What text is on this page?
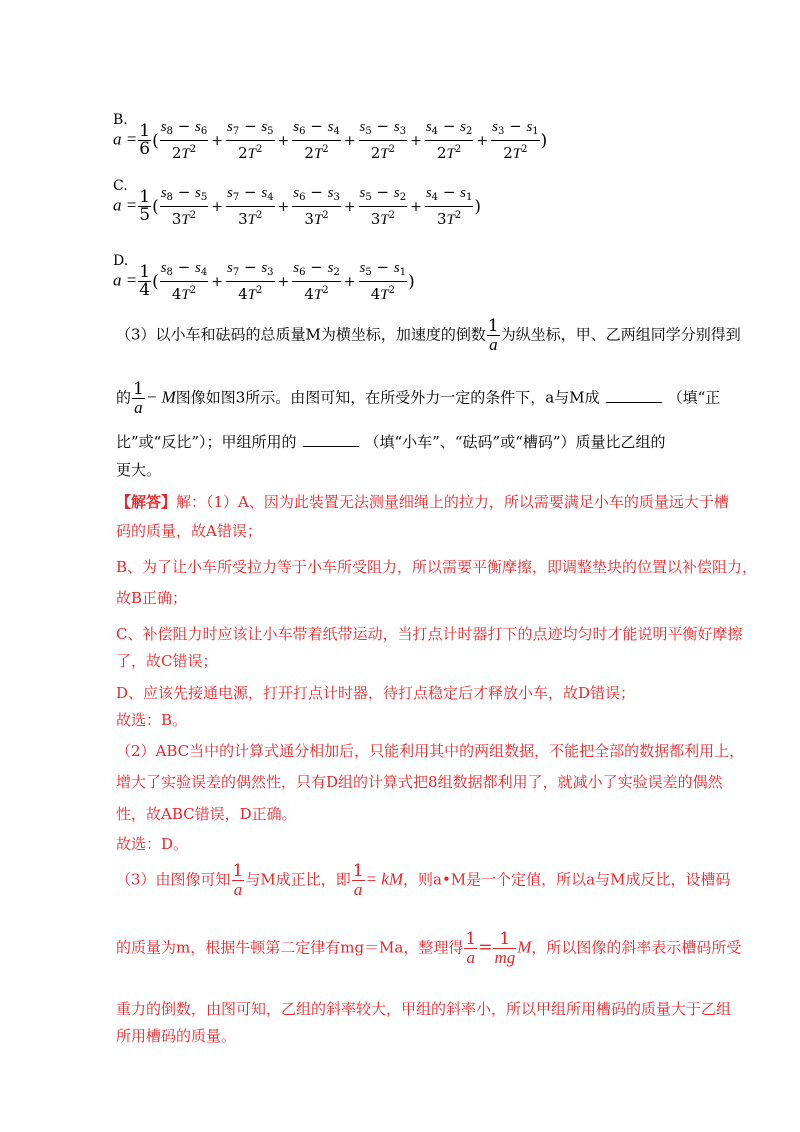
B.
$a = \frac{1}{6}$ ( $\frac{s_8 - s_6}{2T^2} + \frac{s_7 - s_5}{2T^2} + \frac{s_6 - s_4}{2T^2} + \frac{s_5 - s_3}{2T^2} + \frac{s_4 - s_2}{2T^2} + \frac{s_3 - s_1}{2T^2}$ )
C.
$a = \frac{1}{5}$ ( $\frac{s_8 - s_5}{3T^2} + \frac{s_7 - s_4}{3T^2} + \frac{s_6 - s_3}{3T^2} + \frac{s_5 - s_2}{3T^2} + \frac{s_4 - s_1}{3T^2}$ )
D.
$a = \frac{1}{4}$ ( $\frac{s_8 - s_4}{4T^2} + \frac{s_7 - s_3}{4T^2} + \frac{s_6 - s_2}{4T^2} + \frac{s_5 - s_1}{4T^2}$ )
（3）以小车和砝码的总质量M为横坐标，加速度的倒数 $\frac{1}{a}$ 为纵坐标，甲、乙两组同学分别得到
的 $\frac{1}{a} - M$图像如图3所示。由图可知，在所受外力一定的条件下，a与M成	（填“正
比”或“反比”）；甲组所用的	（填“小车”、“砝码”或“槽码”）质量比乙组的
更大。
【解答】解：（1）A、因为此装置无法测量细绳上的拉力，所以需要满足小车的质量远大于槽
码的质量，故A错误；
B、为了让小车所受拉力等于小车所受阻力，所以需要平衡摩擦，即调整垫块的位置以补偿阻力，
故B正确；
C、补偿阻力时应该让小车带着纸带运动，当打点计时器打下的点迹均匀时才能说明平衡好摩擦
了，故C错误；
D、应该先接通电源，打开打点计时器，待打点稳定后才释放小车，故D错误；
故选：B。
（2）ABC当中的计算式通分相加后，只能利用其中的两组数据，不能把全部的数据都利用上，
增大了实验误差的偶然性，只有D组的计算式把8组数据都利用了，就减小了实验误差的偶然
性，故ABC错误，D正确。
故选：D。
（3）由图像可知 $\frac{1}{a}$ 与M成正比，即 $\frac{1}{a}$ = kM，则a•M是一个定值，所以a与M成反比，设槽码
的质量为m，根据牛顿第二定律有mg＝Ma，整理得 $\frac{1}{a} = \frac{1}{mg}$ M，所以图像的斜率表示槽码所受
重力的倒数，由图可知，乙组的斜率较大，甲组的斜率小，所以甲组所用槽码的质量大于乙组
所用槽码的质量。
